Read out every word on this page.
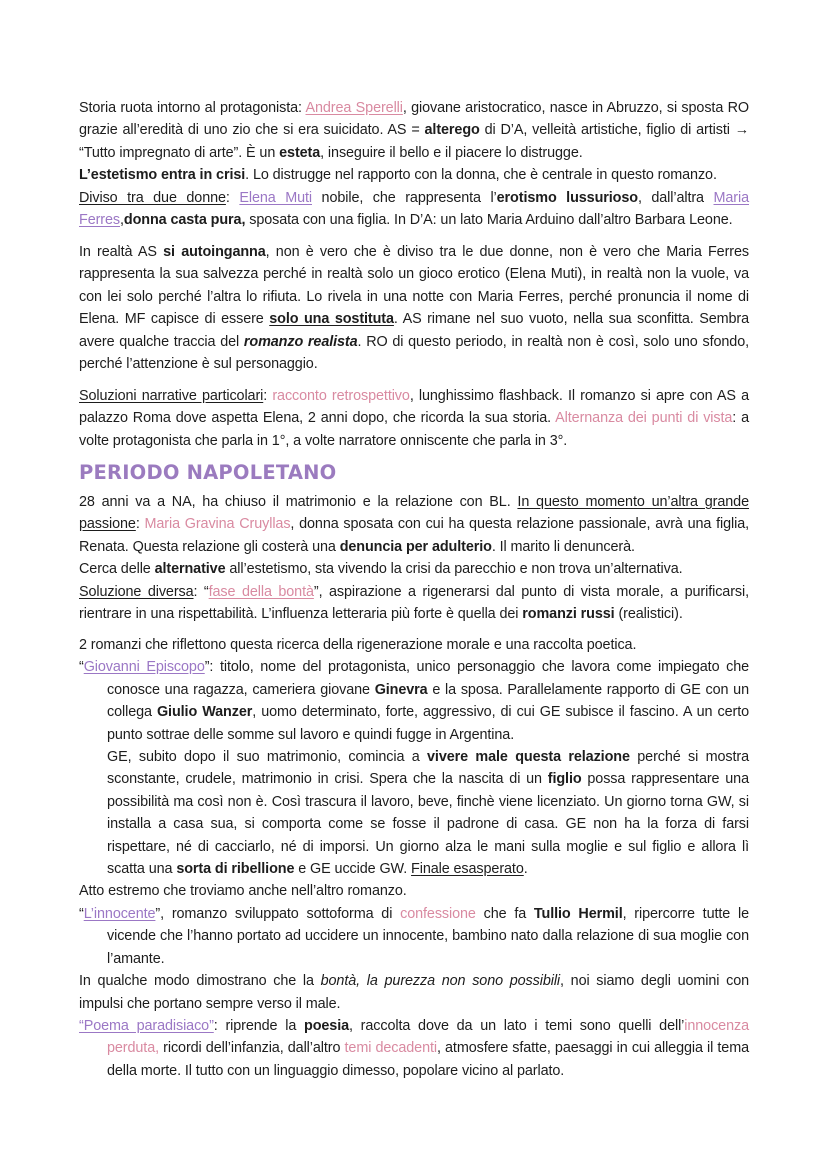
Storia ruota intorno al protagonista: Andrea Sperelli, giovane aristocratico, nasce in Abruzzo, si sposta RO grazie all’eredità di uno zio che si era suicidato. AS = alterego di D’A, velleità artistiche, figlio di artisti → “Tutto impregnato di arte”. È un esteta, inseguire il bello e il piacere lo distrugge.

L’estetismo entra in crisi. Lo distrugge nel rapporto con la donna, che è centrale in questo romanzo.

Diviso tra due donne: Elena Muti nobile, che rappresenta l’erotismo lussurioso, dall’altra Maria Ferres,donna casta pura, sposata con una figlia. In D’A: un lato Maria Arduino dall’altro Barbara Leone.

In realtà AS si autoinganna, non è vero che è diviso tra le due donne, non è vero che Maria Ferres rappresenta la sua salvezza perché in realtà solo un gioco erotico (Elena Muti), in realtà non la vuole, va con lei solo perché l’altra lo rifiuta. Lo rivela in una notte con Maria Ferres, perché pronuncia il nome di Elena. MF capisce di essere solo una sostituta. AS rimane nel suo vuoto, nella sua sconfitta. Sembra avere qualche traccia del romanzo realista. RO di questo periodo, in realtà non è così, solo uno sfondo, perché l’attenzione è sul personaggio.

Soluzioni narrative particolari: racconto retrospettivo, lunghissimo flashback. Il romanzo si apre con AS a palazzo Roma dove aspetta Elena, 2 anni dopo, che ricorda la sua storia. Alternanza dei punti di vista: a volte protagonista che parla in 1°, a volte narratore onniscente che parla in 3°.

PERIODO NAPOLETANO

28 anni va a NA, ha chiuso il matrimonio e la relazione con BL. In questo momento un’altra grande passione: Maria Gravina Cruyllas, donna sposata con cui ha questa relazione passionale, avrà una figlia, Renata. Questa relazione gli costerà una denuncia per adulterio. Il marito li denuncerà.

Cerca delle alternative all’estetismo, sta vivendo la crisi da parecchio e non trova un’alternativa.

Soluzione diversa: “fase della bontà”, aspirazione a rigenerarsi dal punto di vista morale, a purificarsi, rientrare in una rispettabilità. L’influenza letteraria più forte è quella dei romanzi russi (realistici).

2 romanzi che riflettono questa ricerca della rigenerazione morale e una raccolta poetica.

“Giovanni Episcopo”: titolo, nome del protagonista, unico personaggio che lavora come impiegato che conosce una ragazza, cameriera giovane Ginevra e la sposa. Parallelamente rapporto di GE con un collega Giulio Wanzer, uomo determinato, forte, aggressivo, di cui GE subisce il fascino. A un certo punto sottrae delle somme sul lavoro e quindi fugge in Argentina.

GE, subito dopo il suo matrimonio, comincia a vivere male questa relazione perché si mostra sconstante, crudele, matrimonio in crisi. Spera che la nascita di un figlio possa rappresentare una possibilità ma così non è. Così trascura il lavoro, beve, finchè viene licenziato. Un giorno torna GW, si installa a casa sua, si comporta come se fosse il padrone di casa. GE non ha la forza di farsi rispettare, né di cacciarlo, né di imporsi. Un giorno alza le mani sulla moglie e sul figlio e allora lì scatta una sorta di ribellione e GE uccide GW. Finale esasperato.

Atto estremo che troviamo anche nell’altro romanzo.

“L’innocente”, romanzo sviluppato sottoforma di confessione che fa Tullio Hermil, ripercorre tutte le vicende che l’hanno portato ad uccidere un innocente, bambino nato dalla relazione di sua moglie con l’amante.

In qualche modo dimostrano che la bontà, la purezza non sono possibili, noi siamo degli uomini con impulsi che portano sempre verso il male.

“Poema paradisiaco”: riprende la poesia, raccolta dove da un lato i temi sono quelli dell’innocenza perduta, ricordi dell’infanzia, dall’altro temi decadenti, atmosfere sfatte, paesaggi in cui alleggia il tema della morte. Il tutto con un linguaggio dimesso, popolare vicino al parlato.
